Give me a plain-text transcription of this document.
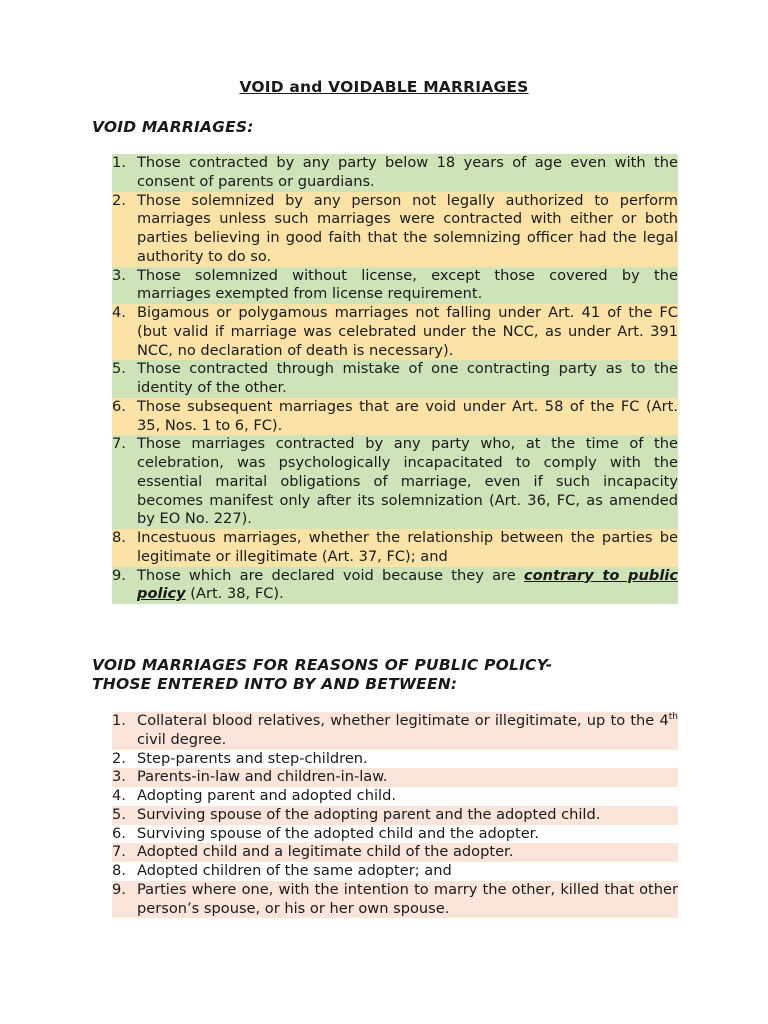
VOID and VOIDABLE MARRIAGES
VOID MARRIAGES:
1. Those contracted by any party below 18 years of age even with the consent of parents or guardians.
2. Those solemnized by any person not legally authorized to perform marriages unless such marriages were contracted with either or both parties believing in good faith that the solemnizing officer had the legal authority to do so.
3. Those solemnized without license, except those covered by the marriages exempted from license requirement.
4. Bigamous or polygamous marriages not falling under Art. 41 of the FC (but valid if marriage was celebrated under the NCC, as under Art. 391 NCC, no declaration of death is necessary).
5. Those contracted through mistake of one contracting party as to the identity of the other.
6. Those subsequent marriages that are void under Art. 58 of the FC (Art. 35, Nos. 1 to 6, FC).
7. Those marriages contracted by any party who, at the time of the celebration, was psychologically incapacitated to comply with the essential marital obligations of marriage, even if such incapacity becomes manifest only after its solemnization (Art. 36, FC, as amended by EO No. 227).
8. Incestuous marriages, whether the relationship between the parties be legitimate or illegitimate (Art. 37, FC); and
9. Those which are declared void because they are contrary to public policy (Art. 38, FC).
VOID MARRIAGES FOR REASONS OF PUBLIC POLICY-
THOSE ENTERED INTO BY AND BETWEEN:
1. Collateral blood relatives, whether legitimate or illegitimate, up to the 4th civil degree.
2. Step-parents and step-children.
3. Parents-in-law and children-in-law.
4. Adopting parent and adopted child.
5. Surviving spouse of the adopting parent and the adopted child.
6. Surviving spouse of the adopted child and the adopter.
7. Adopted child and a legitimate child of the adopter.
8. Adopted children of the same adopter; and
9. Parties where one, with the intention to marry the other, killed that other person’s spouse, or his or her own spouse.
